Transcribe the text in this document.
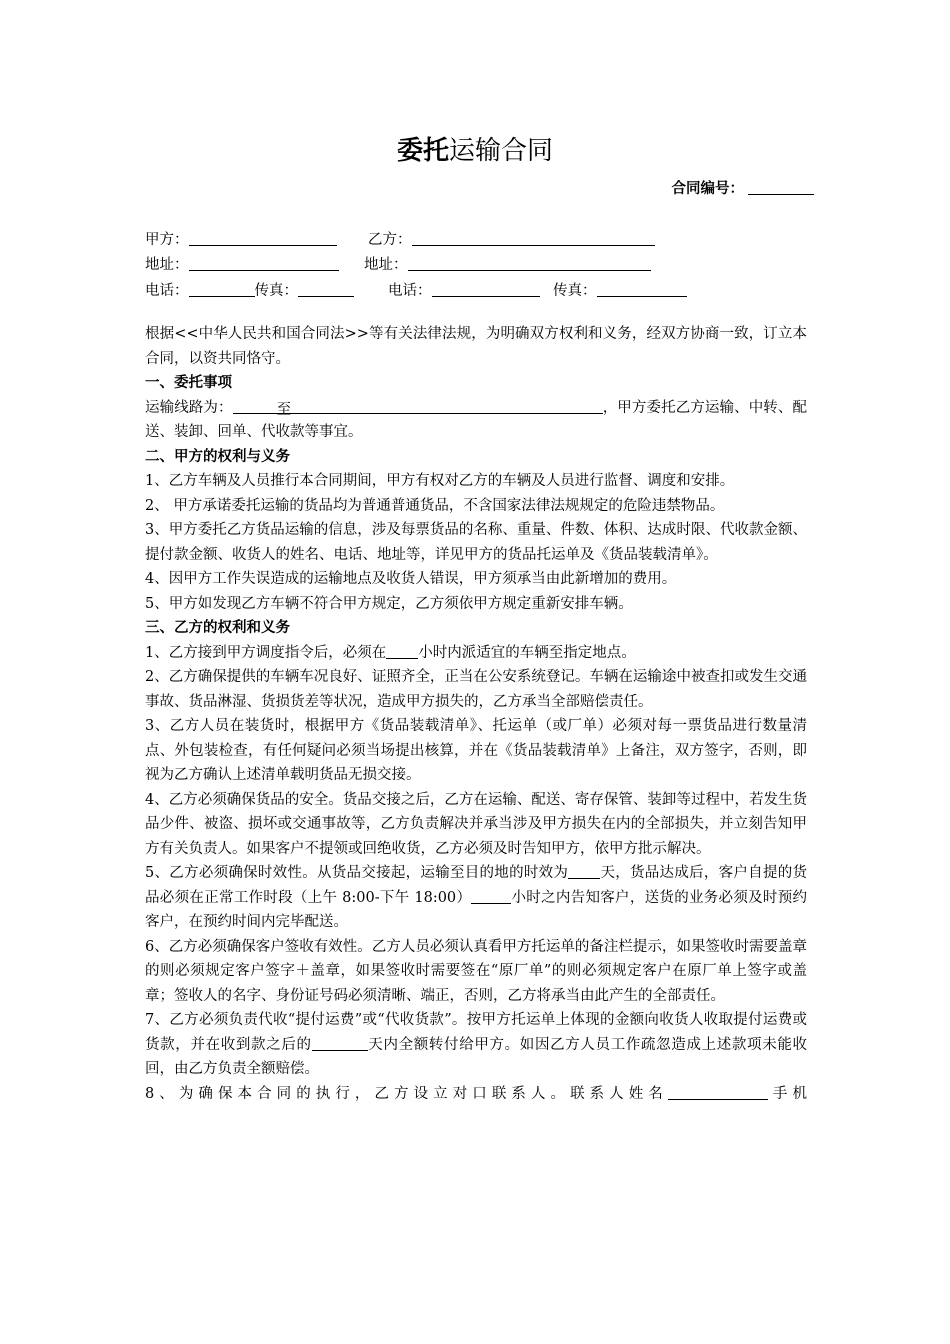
委托运输合同
合同编号：
甲方：	乙方：
地址：	地址：
电话：	传真：	电话：	传真：

根据<<中华人民共和国合同法>>等有关法律法规，为明确双方权利和义务，经双方协商一致，订立本合同，以资共同恪守。

一、委托事项

运输线路为：	至	，甲方委托乙方运输、中转、配送、装卸、回单、代收款等事宜。

二、甲方的权利与义务

1、乙方车辆及人员推行本合同期间，甲方有权对乙方的车辆及人员进行监督、调度和安排。

2、 甲方承诺委托运输的货品均为普通普通货品，不含国家法律法规规定的危险违禁物品。

3、甲方委托乙方货品运输的信息，涉及每票货品的名称、重量、件数、体积、达成时限、代收款金额、提付款金额、收货人的姓名、电话、地址等，详见甲方的货品托运单及《货品装载清单》。

4、因甲方工作失误造成的运输地点及收货人错误，甲方须承当由此新增加的费用。

5、甲方如发现乙方车辆不符合甲方规定，乙方须依甲方规定重新安排车辆。

三、乙方的权利和义务

1、乙方接到甲方调度指令后，必须在 小时内派适宜的车辆至指定地点。

2、乙方确保提供的车辆车况良好、证照齐全，正当在公安系统登记。车辆在运输途中被查扣或发生交通事故、货品淋湿、货损货差等状况，造成甲方损失的，乙方承当全部赔偿责任。

3、乙方人员在装货时，根据甲方《货品装载清单》、托运单（或厂单）必须对每一票货品进行数量清点、外包装检查，有任何疑问必须当场提出核算，并在《货品装载清单》上备注，双方签字，否则，即视为乙方确认上述清单载明货品无损交接。

4、乙方必须确保货品的安全。货品交接之后，乙方在运输、配送、寄存保管、装卸等过程中，若发生货品少件、被盗、损坏或交通事故等，乙方负责解决并承当涉及甲方损失在内的全部损失，并立刻告知甲方有关负责人。如果客户不提领或回绝收货，乙方必须及时告知甲方，依甲方批示解决。

5、乙方必须确保时效性。从货品交接起，运输至目的地的时效为 天，货品达成后，客户自提的货品必须在正常工作时段（上午 8:00-下午 18:00）	小时之内告知客户，送货的业务必须及时预约客户，在预约时间内完毕配送。

6、乙方必须确保客户签收有效性。乙方人员必须认真看甲方托运单的备注栏提示，如果签收时需要盖章的则必须规定客户签字＋盖章，如果签收时需要签在“原厂单”的则必须规定客户在原厂单上签字或盖章；签收人的名字、身份证号码必须清晰、端正，否则，乙方将承当由此产生的全部责任。

7、乙方必须负责代收“提付运费”或“代收货款”。按甲方托运单上体现的金额向收货人收取提付运费或货款，并在收到款之后的	天内全额转付给甲方。如因乙方人员工作疏忽造成上述款项未能收回，由乙方负责全额赔偿。

8、为确保本合同的执行，乙方设立对口联系人。联系人姓名	手机
